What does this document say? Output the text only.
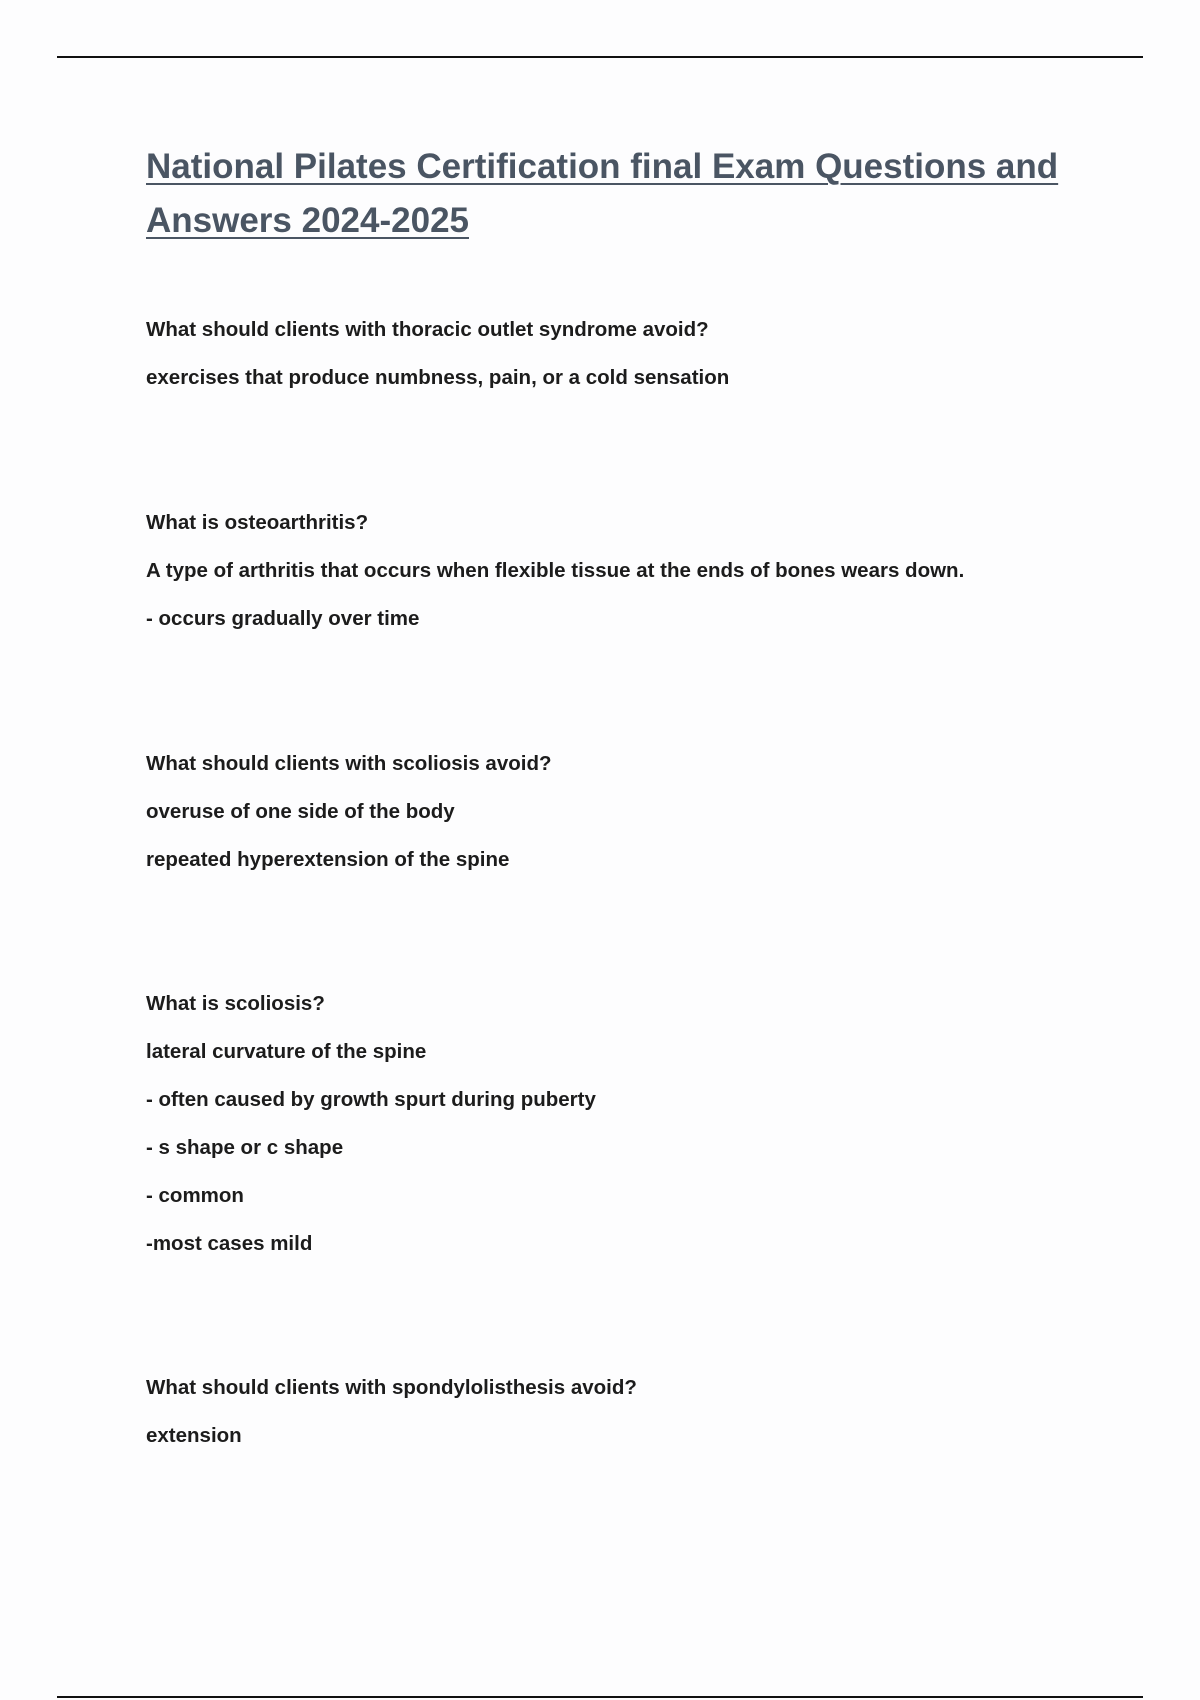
National Pilates Certification final Exam Questions and Answers 2024-2025

What should clients with thoracic outlet syndrome avoid?

exercises that produce numbness, pain, or a cold sensation

What is osteoarthritis?

A type of arthritis that occurs when flexible tissue at the ends of bones wears down.

- occurs gradually over time

What should clients with scoliosis avoid?

overuse of one side of the body

repeated hyperextension of the spine

What is scoliosis?

lateral curvature of the spine

- often caused by growth spurt during puberty

- s shape or c shape

- common

-most cases mild

What should clients with spondylolisthesis avoid?

extension
